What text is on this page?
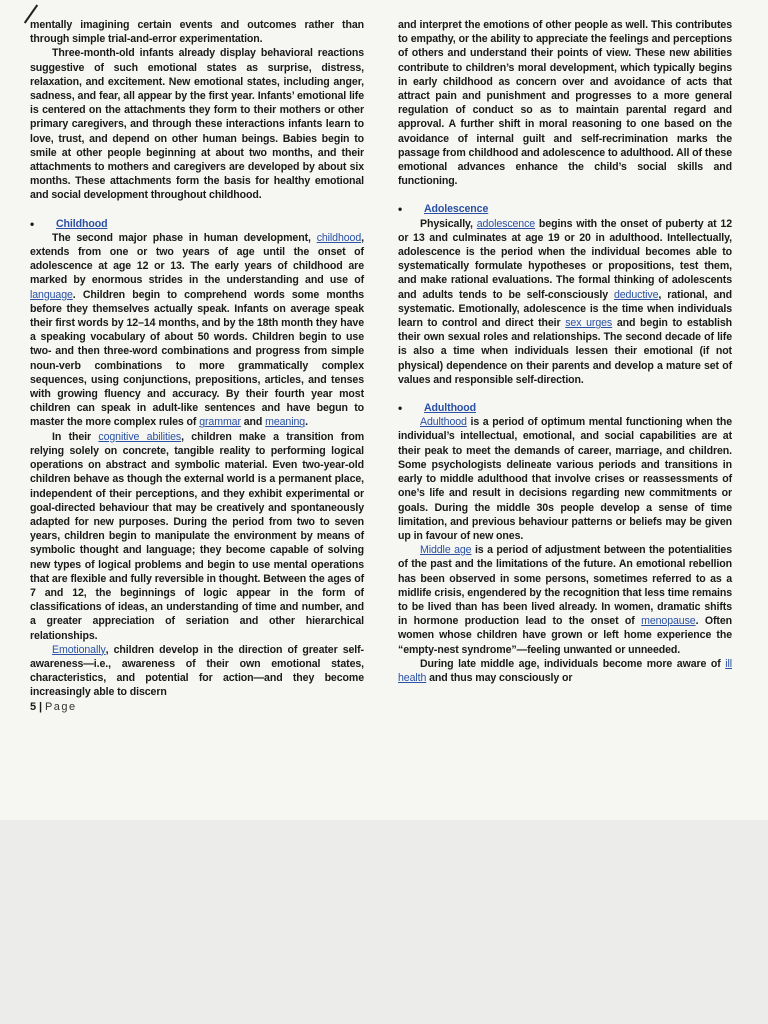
mentally imagining certain events and outcomes rather than through simple trial-and-error experimentation.

Three-month-old infants already display behavioral reactions suggestive of such emotional states as surprise, distress, relaxation, and excitement. New emotional states, including anger, sadness, and fear, all appear by the first year. Infants’ emotional life is centered on the attachments they form to their mothers or other primary caregivers, and through these interactions infants learn to love, trust, and depend on other human beings. Babies begin to smile at other people beginning at about two months, and their attachments to mothers and caregivers are developed by about six months. These attachments form the basis for healthy emotional and social development throughout childhood.

• Childhood

The second major phase in human development, childhood, extends from one or two years of age until the onset of adolescence at age 12 or 13. The early years of childhood are marked by enormous strides in the understanding and use of language. Children begin to comprehend words some months before they themselves actually speak. Infants on average speak their first words by 12–14 months, and by the 18th month they have a speaking vocabulary of about 50 words. Children begin to use two- and then three-word combinations and progress from simple noun-verb combinations to more grammatically complex sequences, using conjunctions, prepositions, articles, and tenses with growing fluency and accuracy. By their fourth year most children can speak in adult-like sentences and have begun to master the more complex rules of grammar and meaning.

In their cognitive abilities, children make a transition from relying solely on concrete, tangible reality to performing logical operations on abstract and symbolic material. Even two-year-old children behave as though the external world is a permanent place, independent of their perceptions, and they exhibit experimental or goal-directed behaviour that may be creatively and spontaneously adapted for new purposes. During the period from two to seven years, children begin to manipulate the environment by means of symbolic thought and language; they become capable of solving new types of logical problems and begin to use mental operations that are flexible and fully reversible in thought. Between the ages of 7 and 12, the beginnings of logic appear in the form of classifications of ideas, an understanding of time and number, and a greater appreciation of seriation and other hierarchical relationships.

Emotionally, children develop in the direction of greater self-awareness—i.e., awareness of their own emotional states, characteristics, and potential for action—and they become increasingly able to discern

5 | Page

and interpret the emotions of other people as well. This contributes to empathy, or the ability to appreciate the feelings and perceptions of others and understand their points of view. These new abilities contribute to children’s moral development, which typically begins in early childhood as concern over and avoidance of acts that attract pain and punishment and progresses to a more general regulation of conduct so as to maintain parental regard and approval. A further shift in moral reasoning to one based on the avoidance of internal guilt and self-recrimination marks the passage from childhood and adolescence to adulthood. All of these emotional advances enhance the child’s social skills and functioning.

• Adolescence

Physically, adolescence begins with the onset of puberty at 12 or 13 and culminates at age 19 or 20 in adulthood. Intellectually, adolescence is the period when the individual becomes able to systematically formulate hypotheses or propositions, test them, and make rational evaluations. The formal thinking of adolescents and adults tends to be self-consciously deductive, rational, and systematic. Emotionally, adolescence is the time when individuals learn to control and direct their sex urges and begin to establish their own sexual roles and relationships. The second decade of life is also a time when individuals lessen their emotional (if not physical) dependence on their parents and develop a mature set of values and responsible self-direction.

• Adulthood

Adulthood is a period of optimum mental functioning when the individual’s intellectual, emotional, and social capabilities are at their peak to meet the demands of career, marriage, and children. Some psychologists delineate various periods and transitions in early to middle adulthood that involve crises or reassessments of one’s life and result in decisions regarding new commitments or goals. During the middle 30s people develop a sense of time limitation, and previous behaviour patterns or beliefs may be given up in favour of new ones.

Middle age is a period of adjustment between the potentialities of the past and the limitations of the future. An emotional rebellion has been observed in some persons, sometimes referred to as a midlife crisis, engendered by the recognition that less time remains to be lived than has been lived already. In women, dramatic shifts in hormone production lead to the onset of menopause. Often women whose children have grown or left home experience the “empty-nest syndrome”—feeling unwanted or unneeded.

During late middle age, individuals become more aware of ill health and thus may consciously or
